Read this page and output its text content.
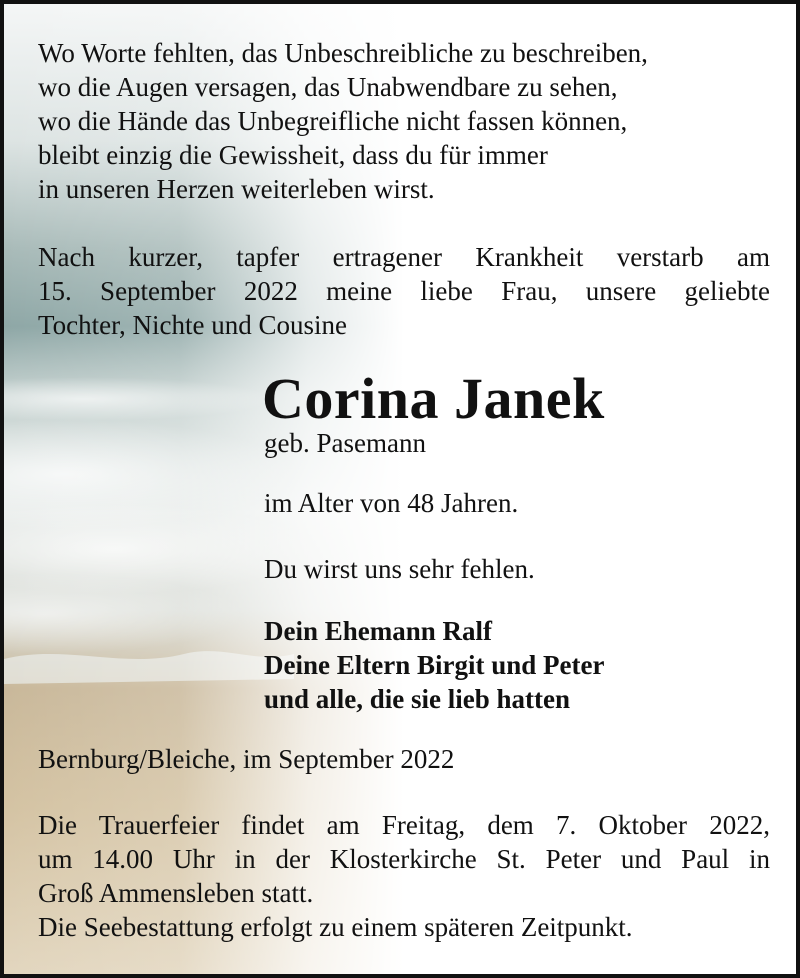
Wo Worte fehlten, das Unbeschreibliche zu beschreiben,
wo die Augen versagen, das Unabwendbare zu sehen,
wo die Hände das Unbegreifliche nicht fassen können,
bleibt einzig die Gewissheit, dass du für immer
in unseren Herzen weiterleben wirst.
Nach kurzer, tapfer ertragener Krankheit verstarb am
15. September 2022 meine liebe Frau, unsere geliebte
Tochter, Nichte und Cousine
Corina Janek
geb. Pasemann
im Alter von 48 Jahren.
Du wirst uns sehr fehlen.
Dein Ehemann Ralf
Deine Eltern Birgit und Peter
und alle, die sie lieb hatten
Bernburg/Bleiche, im September 2022
Die Trauerfeier findet am Freitag, dem 7. Oktober 2022,
um 14.00 Uhr in der Klosterkirche St. Peter und Paul in
Groß Ammensleben statt.
Die Seebestattung erfolgt zu einem späteren Zeitpunkt.
